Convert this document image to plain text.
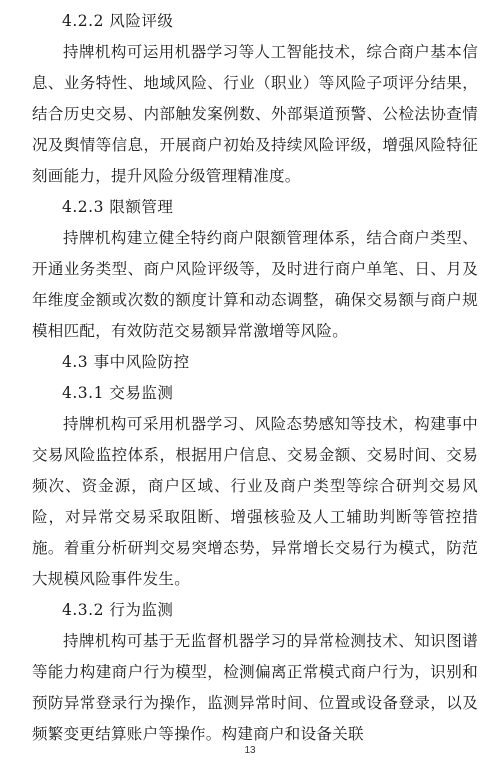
4.2.2 风险评级
持牌机构可运用机器学习等人工智能技术，综合商户基本信息、业务特性、地域风险、行业（职业）等风险子项评分结果，结合历史交易、内部触发案例数、外部渠道预警、公检法协查情况及舆情等信息，开展商户初始及持续风险评级，增强风险特征刻画能力，提升风险分级管理精准度。
4.2.3 限额管理
持牌机构建立健全特约商户限额管理体系，结合商户类型、开通业务类型、商户风险评级等，及时进行商户单笔、日、月及年维度金额或次数的额度计算和动态调整，确保交易额与商户规模相匹配，有效防范交易额异常激增等风险。
4.3 事中风险防控
4.3.1 交易监测
持牌机构可采用机器学习、风险态势感知等技术，构建事中交易风险监控体系，根据用户信息、交易金额、交易时间、交易频次、资金源，商户区域、行业及商户类型等综合研判交易风险，对异常交易采取阻断、增强核验及人工辅助判断等管控措施。着重分析研判交易突增态势，异常增长交易行为模式，防范大规模风险事件发生。
4.3.2 行为监测
持牌机构可基于无监督机器学习的异常检测技术、知识图谱等能力构建商户行为模型，检测偏离正常模式商户行为，识别和预防异常登录行为操作，监测异常时间、位置或设备登录，以及频繁变更结算账户等操作。构建商户和设备关联
13
